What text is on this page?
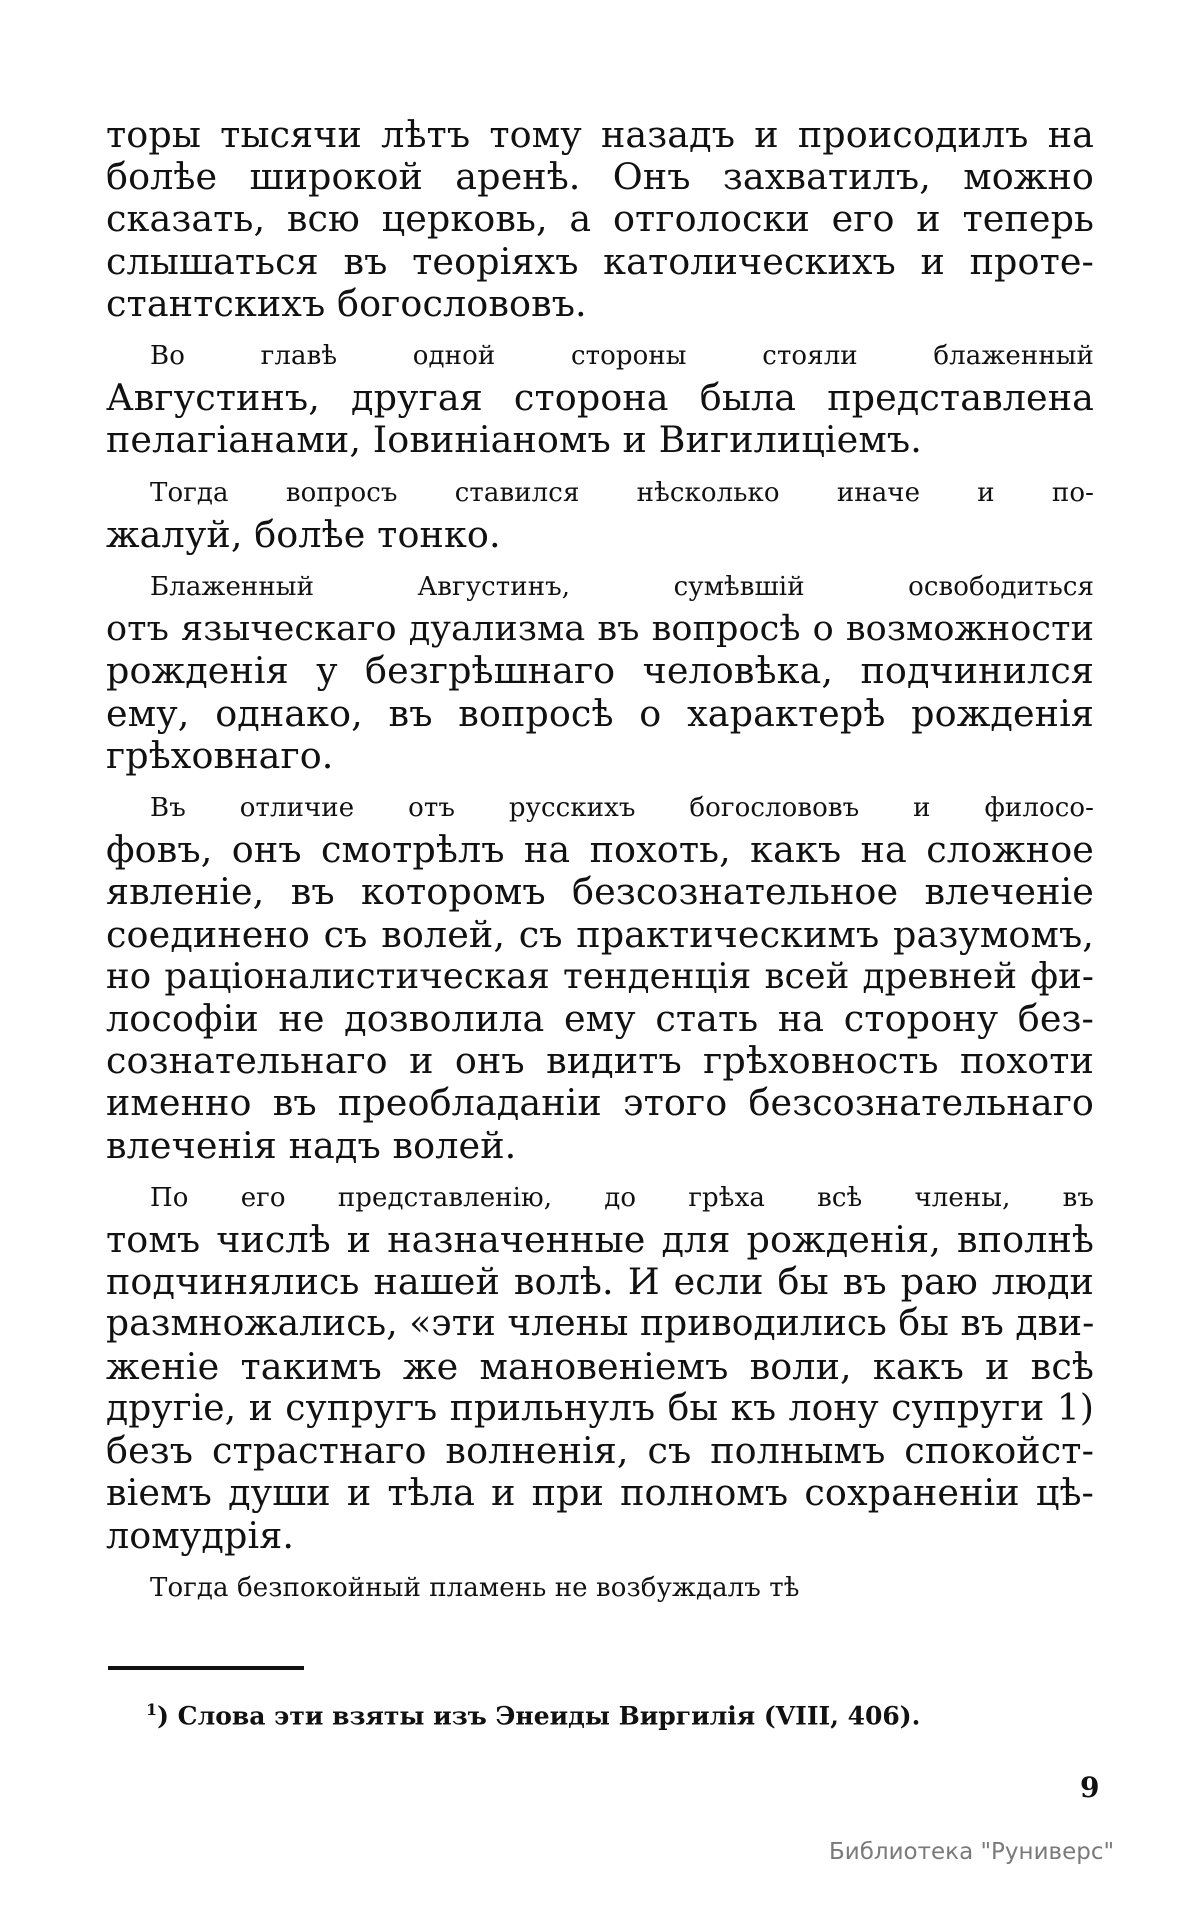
торы тысячи лѣтъ тому назадъ и происодилъ на
болѣе широкой аренѣ. Онъ захватилъ, можно
сказать, всю церковь, а отголоски его и теперь
слышаться въ теоріяхъ католическихъ и проте-
стантскихъ богослововъ.
Во главѣ одной стороны стояли блаженный
Августинъ, другая сторона была представлена
пелагіанами, Іовиніаномъ и Вигилиціемъ.
Тогда вопросъ ставился нѣсколько иначе и по-
жалуй, болѣе тонко.
Блаженный Августинъ, сумѣвшій освободиться
отъ языческаго дуализма въ вопросѣ о возможности
рожденія у безгрѣшнаго человѣка, подчинился
ему, однако, въ вопросѣ о характерѣ рожденія
грѣховнаго.
Въ отличие отъ русскихъ богослововъ и филосо-
фовъ, онъ смотрѣлъ на похоть, какъ на сложное
явленіе, въ которомъ безсознательное влеченіе
соединено съ волей, съ практическимъ разумомъ,
но раціоналистическая тенденція всей древней фи-
лософіи не дозволила ему стать на сторону без-
сознательнаго и онъ видитъ грѣховность похоти
именно въ преобладаніи этого безсознательнаго
влеченія надъ волей.
По его представленію, до грѣха всѣ члены, въ
томъ числѣ и назначенные для рожденія, вполнѣ
подчинялись нашей волѣ. И если бы въ раю люди
размножались, «эти члены приводились бы въ дви-
женіе такимъ же мановеніемъ воли, какъ и всѣ
другіе, и супругъ прильнулъ бы къ лону супруги 1)
безъ страстнаго волненія, съ полнымъ спокойст-
віемъ души и тѣла и при полномъ сохраненіи цѣ-
ломудрія.
Тогда безпокойный пламень не возбуждалъ тѣ
$^1$) Слова эти взяты изъ Энеиды Виргилія (VIII, 406).
9
Библиотека "Руниверс"
